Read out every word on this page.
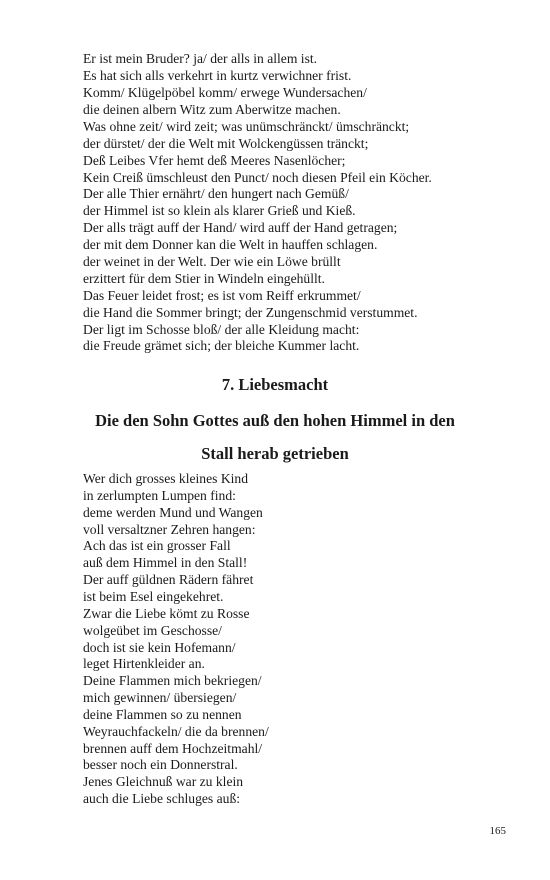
Er ist mein Bruder? ja/ der alls in allem ist.
Es hat sich alls verkehrt in kurtz verwichner frist.
Komm/ Klügelpöbel komm/ erwege Wundersachen/
die deinen albern Witz zum Aberwitze machen.
Was ohne zeit/ wird zeit; was unümschränckt/ ümschränckt;
der dürstet/ der die Welt mit Wolckengüssen tränckt;
Deß Leibes Vfer hemt deß Meeres Nasenlöcher;
Kein Creiß ümschleust den Punct/ noch diesen Pfeil ein Köcher.
Der alle Thier ernährt/ den hungert nach Gemüß/
der Himmel ist so klein als klarer Grieß und Kieß.
Der alls trägt auff der Hand/ wird auff der Hand getragen;
der mit dem Donner kan die Welt in hauffen schlagen.
der weinet in der Welt. Der wie ein Löwe brüllt
erzittert für dem Stier in Windeln eingehüllt.
Das Feuer leidet frost; es ist vom Reiff erkrummet/
die Hand die Sommer bringt; der Zungenschmid verstummet.
Der ligt im Schosse bloß/ der alle Kleidung macht:
die Freude grämet sich; der bleiche Kummer lacht.
7. Liebesmacht
Die den Sohn Gottes auß den hohen Himmel in den
Stall herab getrieben
Wer dich grosses kleines Kind
in zerlumpten Lumpen find:
deme werden Mund und Wangen
voll versaltzner Zehren hangen:
Ach das ist ein grosser Fall
auß dem Himmel in den Stall!
Der auff güldnen Rädern fähret
ist beim Esel eingekehret.
Zwar die Liebe kömt zu Rosse
wolgeübet im Geschosse/
doch ist sie kein Hofemann/
leget Hirtenkleider an.
Deine Flammen mich bekriegen/
mich gewinnen/ übersiegen/
deine Flammen so zu nennen
Weyrauchfackeln/ die da brennen/
brennen auff dem Hochzeitmahl/
besser noch ein Donnerstral.
Jenes Gleichnuß war zu klein
auch die Liebe schluges auß:
165
